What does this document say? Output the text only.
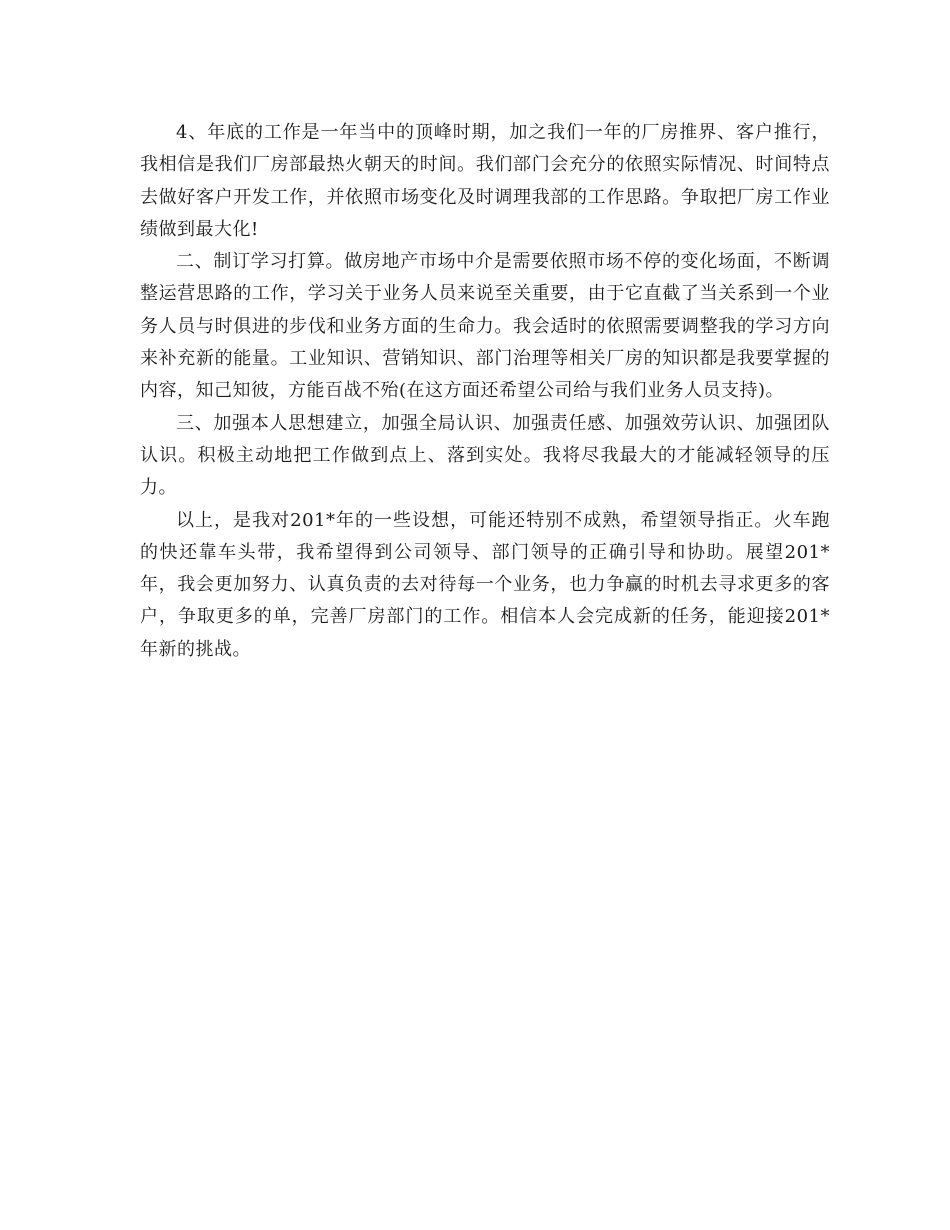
4、年底的工作是一年当中的顶峰时期，加之我们一年的厂房推界、客户推行，我相信是我们厂房部最热火朝天的时间。我们部门会充分的依照实际情况、时间特点去做好客户开发工作，并依照市场变化及时调理我部的工作思路。争取把厂房工作业绩做到最大化!

二、制订学习打算。做房地产市场中介是需要依照市场不停的变化场面，不断调整运营思路的工作，学习关于业务人员来说至关重要，由于它直截了当关系到一个业务人员与时俱进的步伐和业务方面的生命力。我会适时的依照需要调整我的学习方向来补充新的能量。工业知识、营销知识、部门治理等相关厂房的知识都是我要掌握的内容，知己知彼，方能百战不殆(在这方面还希望公司给与我们业务人员支持)。

三、加强本人思想建立，加强全局认识、加强责任感、加强效劳认识、加强团队认识。积极主动地把工作做到点上、落到实处。我将尽我最大的才能减轻领导的压力。

以上，是我对201*年的一些设想，可能还特别不成熟，希望领导指正。火车跑的快还靠车头带，我希望得到公司领导、部门领导的正确引导和协助。展望201*年，我会更加努力、认真负责的去对待每一个业务，也力争赢的时机去寻求更多的客户，争取更多的单，完善厂房部门的工作。相信本人会完成新的任务，能迎接201*年新的挑战。
